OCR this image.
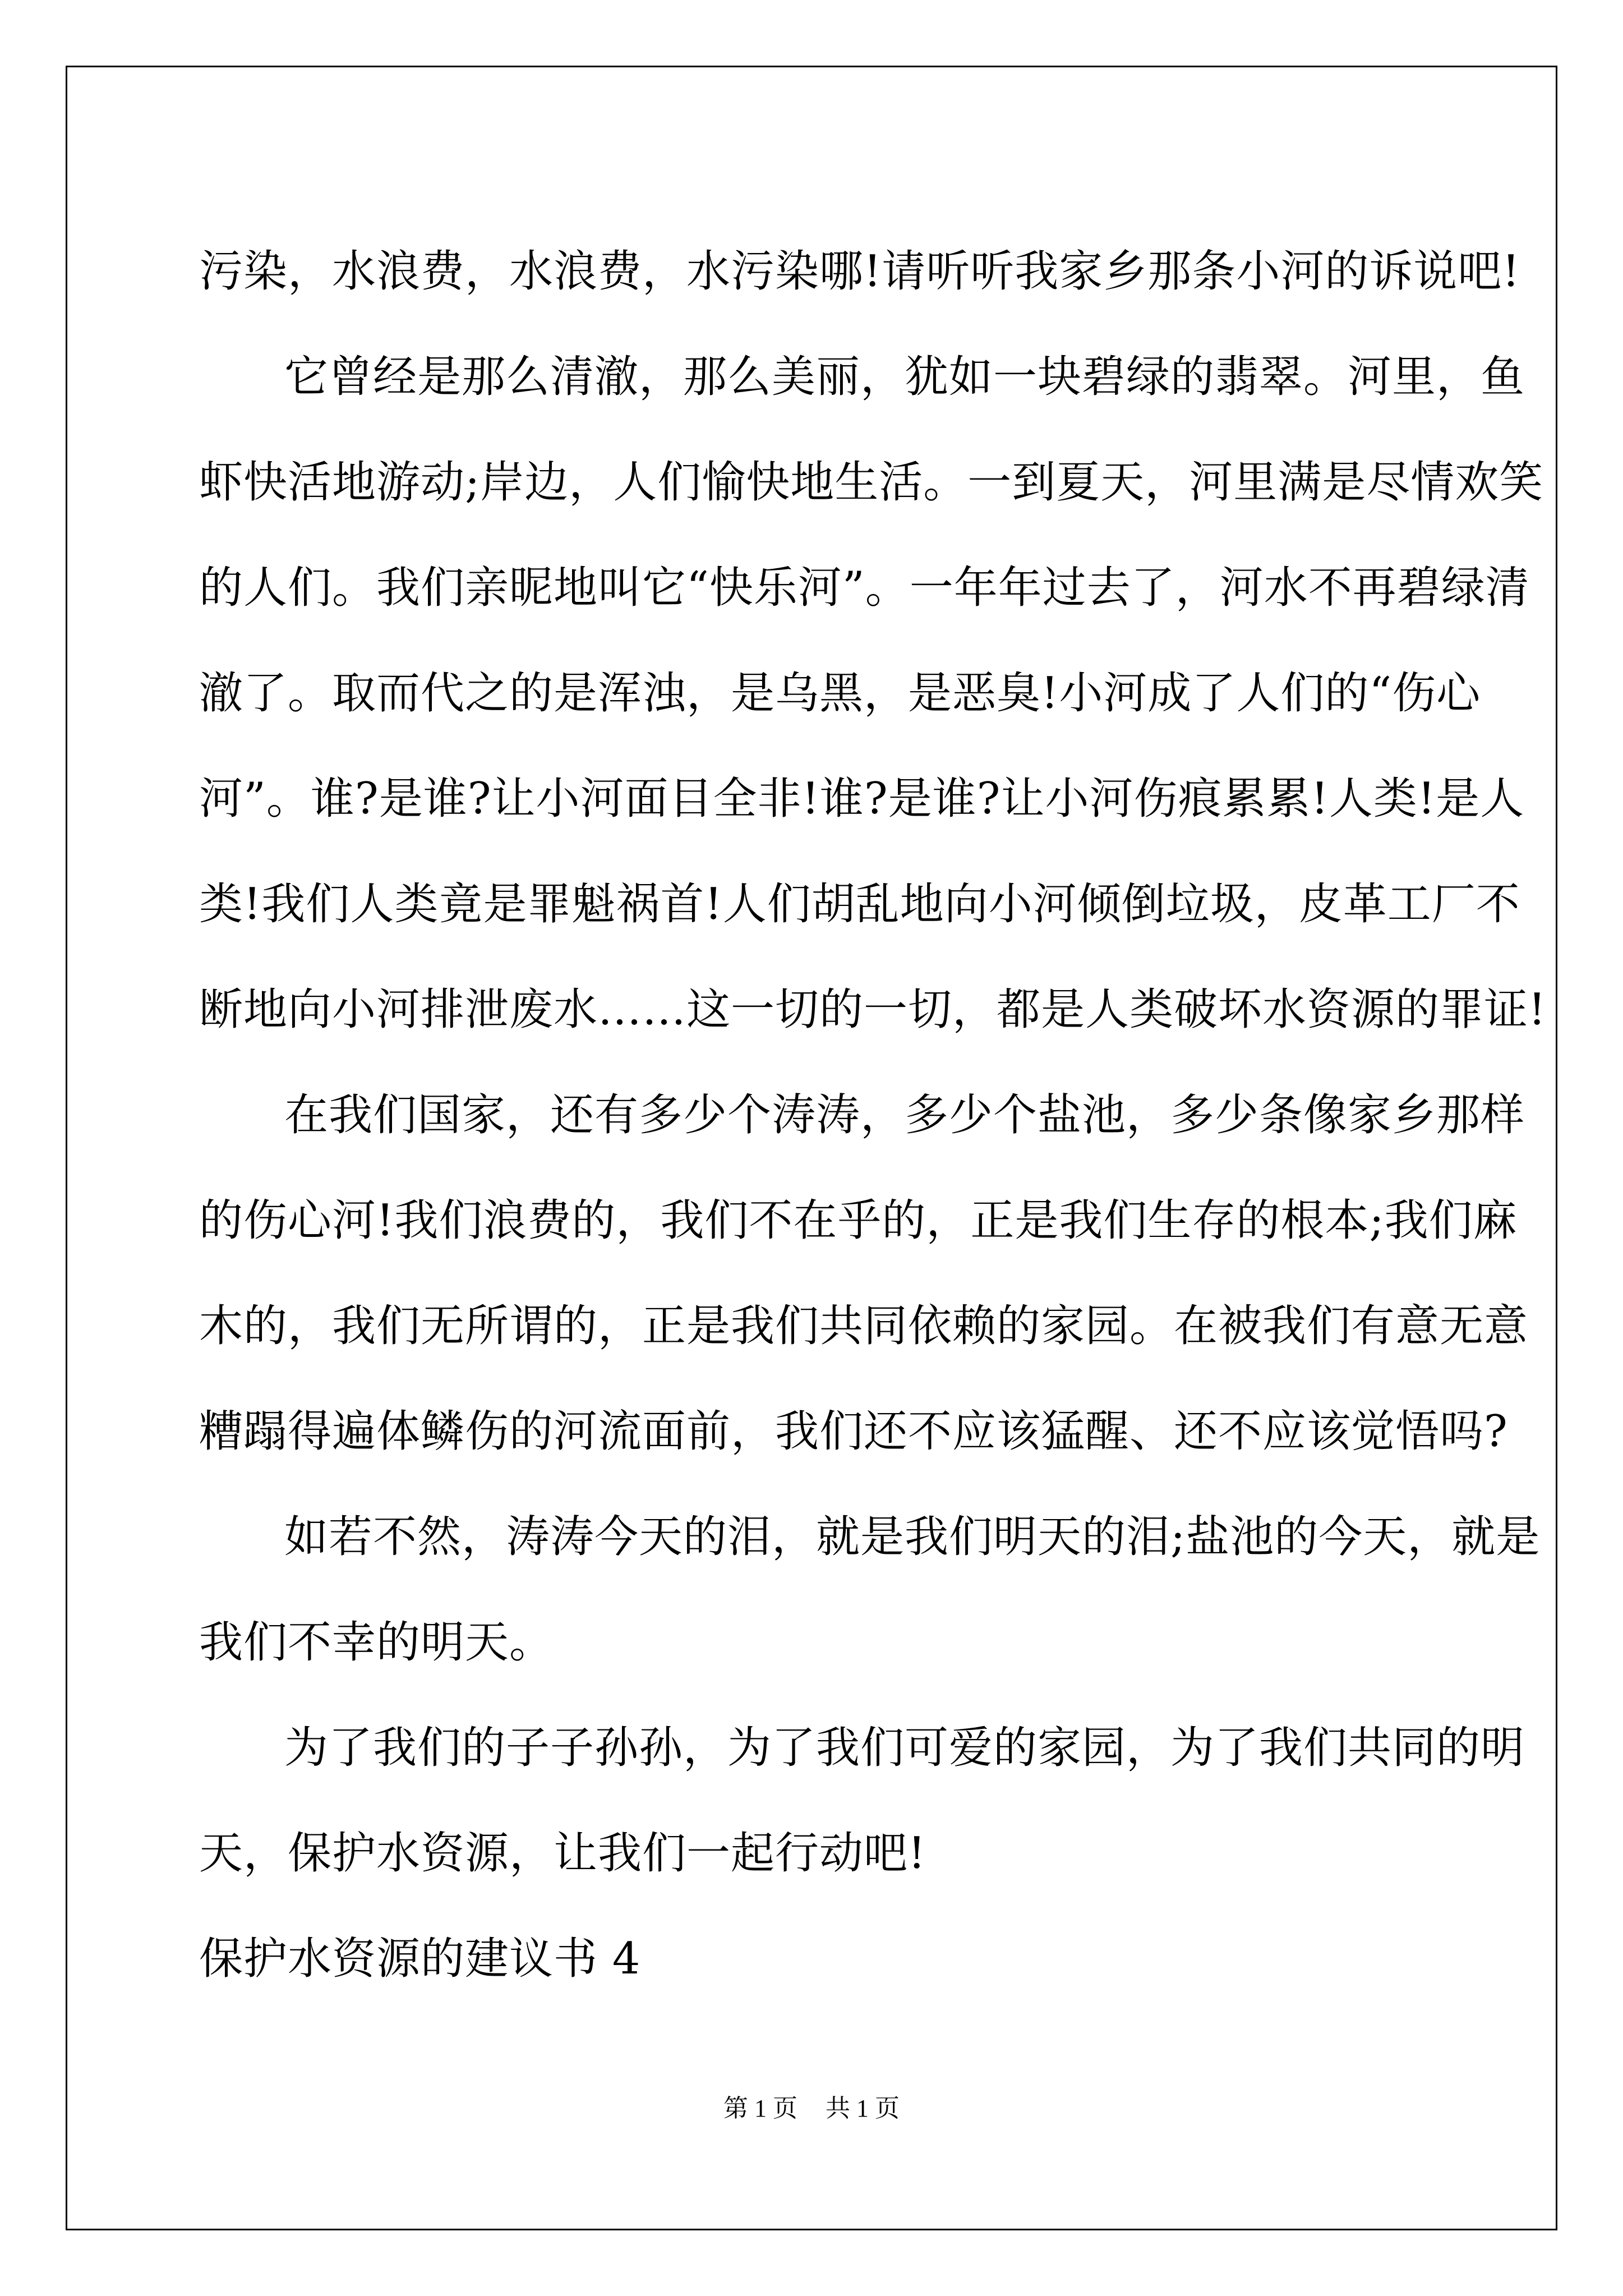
污染，水浪费，水浪费，水污染哪!请听听我家乡那条小河的诉说吧!
它曾经是那么清澈，那么美丽，犹如一块碧绿的翡翠。河里，鱼
虾快活地游动;岸边，人们愉快地生活。一到夏天，河里满是尽情欢笑
的人们。我们亲昵地叫它“快乐河”。一年年过去了，河水不再碧绿清
澈了。取而代之的是浑浊，是乌黑，是恶臭!小河成了人们的“伤心
河”。谁?是谁?让小河面目全非!谁?是谁?让小河伤痕累累!人类!是人
类!我们人类竟是罪魁祸首!人们胡乱地向小河倾倒垃圾，皮革工厂不
断地向小河排泄废水……这一切的一切，都是人类破坏水资源的罪证!
在我们国家，还有多少个涛涛，多少个盐池，多少条像家乡那样
的伤心河!我们浪费的，我们不在乎的，正是我们生存的根本;我们麻
木的，我们无所谓的，正是我们共同依赖的家园。在被我们有意无意
糟蹋得遍体鳞伤的河流面前，我们还不应该猛醒、还不应该觉悟吗?
如若不然，涛涛今天的泪，就是我们明天的泪;盐池的今天，就是
我们不幸的明天。
为了我们的子子孙孙，为了我们可爱的家园，为了我们共同的明
天，保护水资源，让我们一起行动吧!
保护水资源的建议书 4
第 1 页 共 1 页
